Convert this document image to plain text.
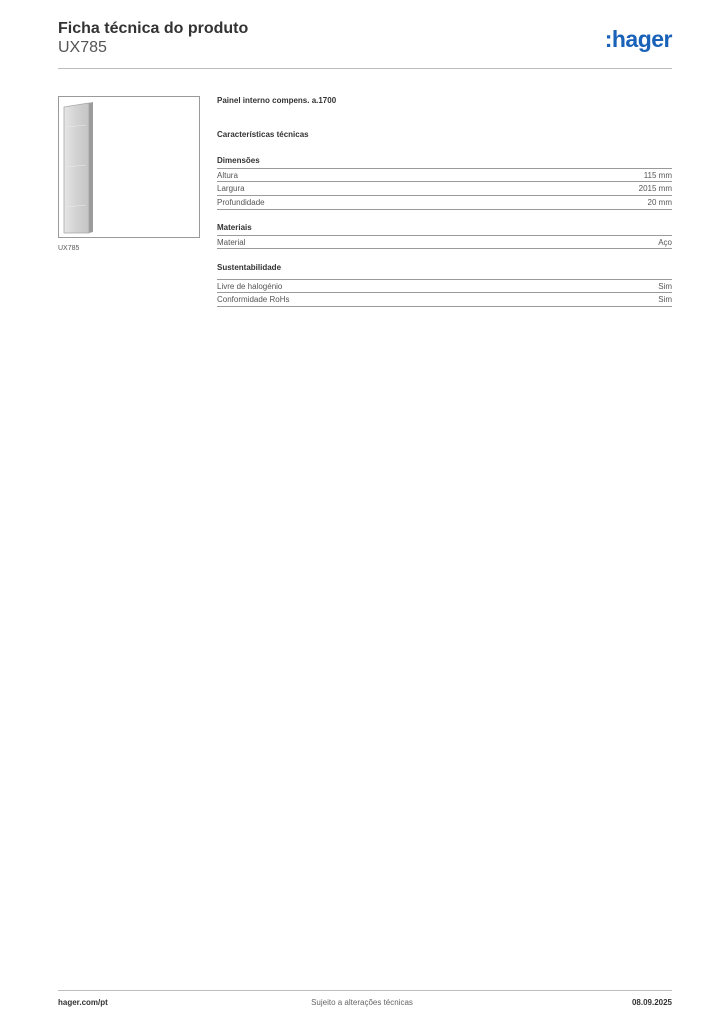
Ficha técnica do produto
UX785	:hager
UX785
Painel interno compens. a.1700
Características técnicas
Dimensões
Altura	115 mm
Largura	2015 mm
Profundidade	20 mm
Materiais
Material	Aço
Sustentabilidade
Livre de halogénio	Sim
Conformidade RoHs	Sim
hager.com/pt	Sujeito a alterações técnicas	08.09.2025
